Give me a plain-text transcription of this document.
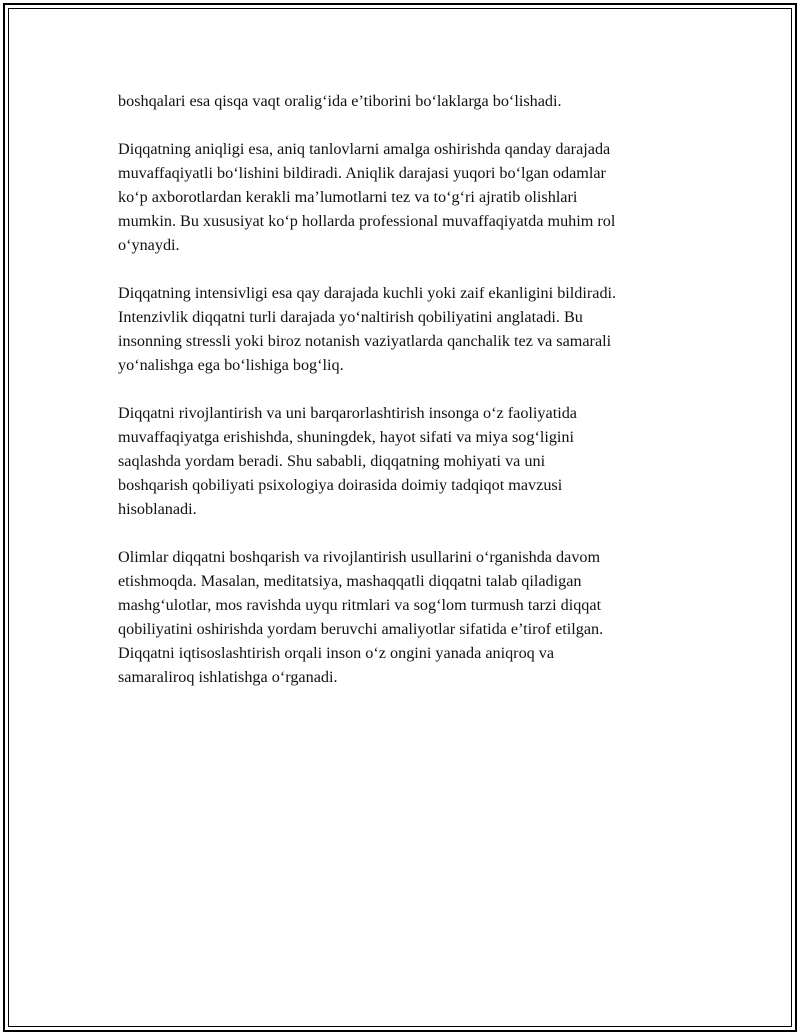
boshqalari esa qisqa vaqt oralig‘ida e’tiborini bo‘laklarga bo‘lishadi.

Diqqatning aniqligi esa, aniq tanlovlarni amalga oshirishda qanday darajada
muvaffaqiyatli bo‘lishini bildiradi. Aniqlik darajasi yuqori bo‘lgan odamlar
ko‘p axborotlardan kerakli ma’lumotlarni tez va to‘g‘ri ajratib olishlari
mumkin. Bu xususiyat ko‘p hollarda professional muvaffaqiyatda muhim rol
o‘ynaydi.

Diqqatning intensivligi esa qay darajada kuchli yoki zaif ekanligini bildiradi.
Intenzivlik diqqatni turli darajada yo‘naltirish qobiliyatini anglatadi. Bu
insonning stressli yoki biroz notanish vaziyatlarda qanchalik tez va samarali
yo‘nalishga ega bo‘lishiga bog‘liq.

Diqqatni rivojlantirish va uni barqarorlashtirish insonga o‘z faoliyatida
muvaffaqiyatga erishishda, shuningdek, hayot sifati va miya sog‘ligini
saqlashda yordam beradi. Shu sababli, diqqatning mohiyati va uni
boshqarish qobiliyati psixologiya doirasida doimiy tadqiqot mavzusi
hisoblanadi.

Olimlar diqqatni boshqarish va rivojlantirish usullarini o‘rganishda davom
etishmoqda. Masalan, meditatsiya, mashaqqatli diqqatni talab qiladigan
mashg‘ulotlar, mos ravishda uyqu ritmlari va sog‘lom turmush tarzi diqqat
qobiliyatini oshirishda yordam beruvchi amaliyotlar sifatida e’tirof etilgan.
Diqqatni iqtisoslashtirish orqali inson o‘z ongini yanada aniqroq va
samaraliroq ishlatishga o‘rganadi.
